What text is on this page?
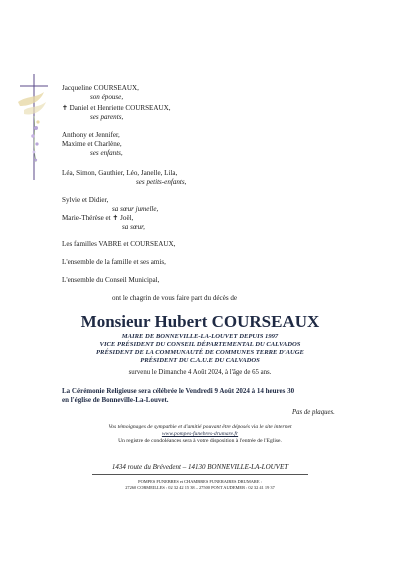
Jacqueline COURSEAUX,
son épouse,
✝ Daniel et Henriette COURSEAUX,
ses parents,
Anthony et Jennifer,
Maxime et Charlène,
ses enfants,
Léa, Simon, Gauthier, Léo, Janelle, Lila,
ses petits-enfants,
Sylvie et Didier,
sa sœur jumelle,
Marie-Thérèse et ✝ Joël,
sa sœur,
Les familles VABRE et COURSEAUX,
L'ensemble de la famille et ses amis,
L'ensemble du Conseil Municipal,
ont le chagrin de vous faire part du décès de
Monsieur Hubert COURSEAUX
MAIRE DE BONNEVILLE-LA-LOUVET DEPUIS 1997
VICE PRÉSIDENT DU CONSEIL DÉPARTEMENTAL DU CALVADOS
PRÉSIDENT DE LA COMMUNAUTÉ DE COMMUNES TERRE D'AUGE
PRÉSIDENT DU C.A.U.E DU CALVADOS
survenu le Dimanche 4 Août 2024, à l'âge de 65 ans.
La Cérémonie Religieuse sera célébrée le Vendredi 9 Août 2024 à 14 heures 30
en l'église de Bonneville-La-Louvet.
Pas de plaques.
Vos témoignages de sympathie et d'amitié pouvant être déposés via le site internet
www.pompes-funebres-drumare.fr
Un registre de condoléances sera à votre disposition à l'entrée de l'Eglise.
1434 route du Brévedent – 14130 BONNEVILLE-LA-LOUVET
POMPES FUNEBRES et CHAMBRES FUNERAIRES DRUMARE :
27260 CORMEILLES : 02 32 42 15 38 – 27500 PONT AUDEMER : 02 32 41 19 37
